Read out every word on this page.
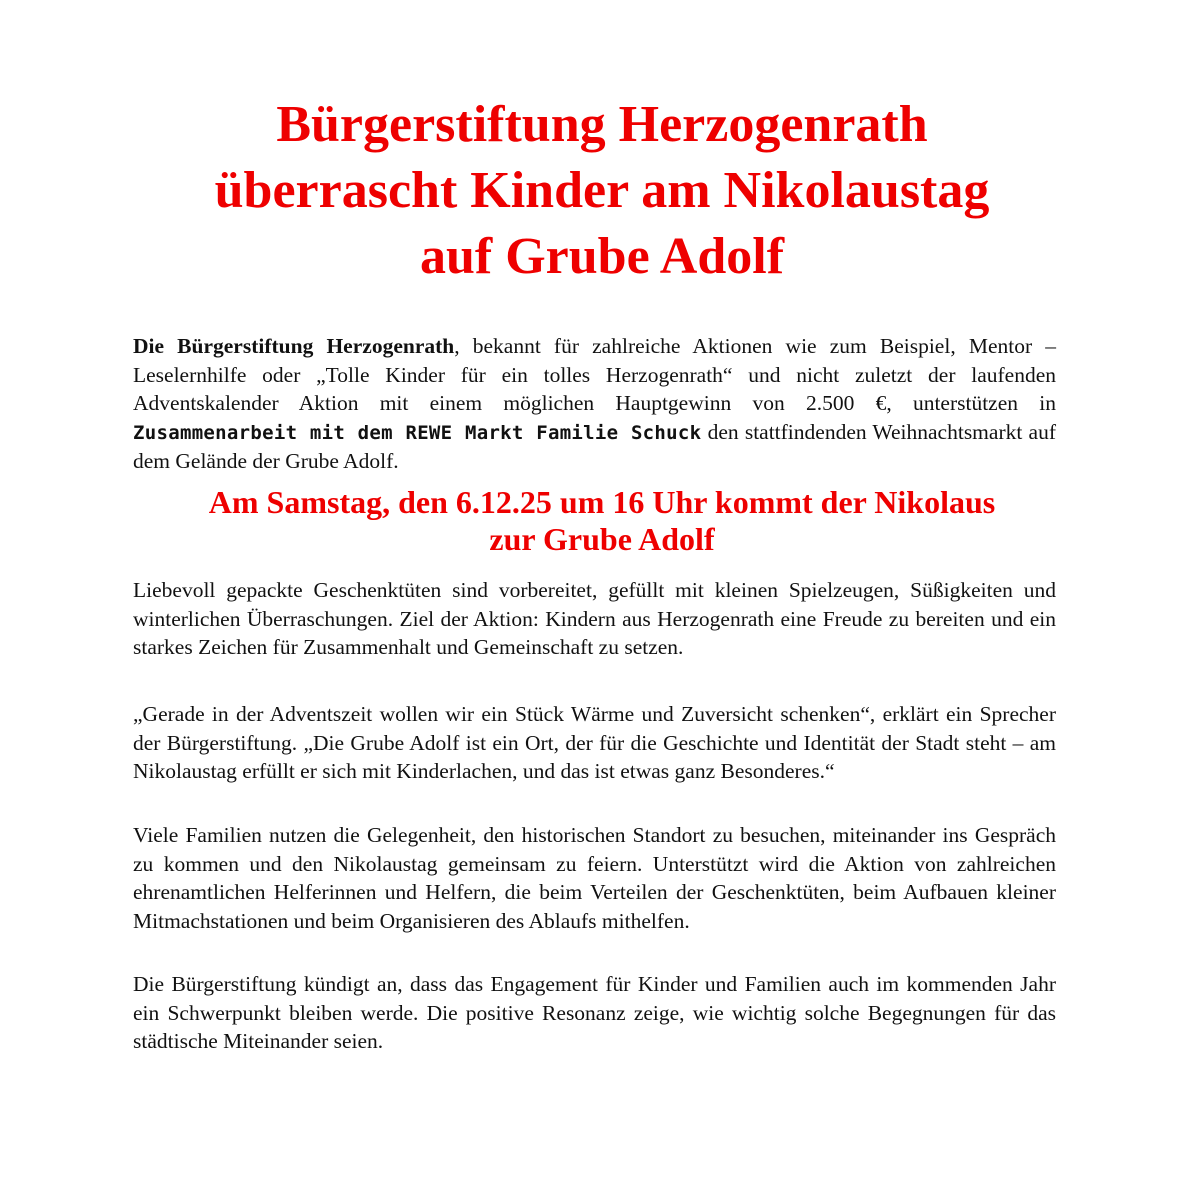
Bürgerstiftung Herzogenrath
überrascht Kinder am Nikolaustag
auf Grube Adolf

Die Bürgerstiftung Herzogenrath, bekannt für zahlreiche Aktionen wie zum Beispiel, Mentor – Leselernhilfe oder „Tolle Kinder für ein tolles Herzogenrath“ und nicht zuletzt der laufenden Adventskalender Aktion mit einem möglichen Hauptgewinn von 2.500 €, unterstützen in Zusammenarbeit mit dem REWE Markt Familie Schuck den stattfindenden Weihnachtsmarkt auf dem Gelände der Grube Adolf.

Am Samstag, den 6.12.25 um 16 Uhr kommt der Nikolaus
zur Grube Adolf

Liebevoll gepackte Geschenktüten sind vorbereitet, gefüllt mit kleinen Spielzeugen, Süßigkeiten und winterlichen Überraschungen. Ziel der Aktion: Kindern aus Herzogenrath eine Freude zu bereiten und ein starkes Zeichen für Zusammenhalt und Gemeinschaft zu setzen.

„Gerade in der Adventszeit wollen wir ein Stück Wärme und Zuversicht schenken“, erklärt ein Sprecher der Bürgerstiftung. „Die Grube Adolf ist ein Ort, der für die Geschichte und Identität der Stadt steht – am Nikolaustag erfüllt er sich mit Kinderlachen, und das ist etwas ganz Besonderes.“

Viele Familien nutzen die Gelegenheit, den historischen Standort zu besuchen, miteinander ins Gespräch zu kommen und den Nikolaustag gemeinsam zu feiern. Unterstützt wird die Aktion von zahlreichen ehrenamtlichen Helferinnen und Helfern, die beim Verteilen der Geschenktüten, beim Aufbauen kleiner Mitmachstationen und beim Organisieren des Ablaufs mithelfen.

Die Bürgerstiftung kündigt an, dass das Engagement für Kinder und Familien auch im kommenden Jahr ein Schwerpunkt bleiben werde. Die positive Resonanz zeige, wie wichtig solche Begegnungen für das städtische Miteinander seien.
